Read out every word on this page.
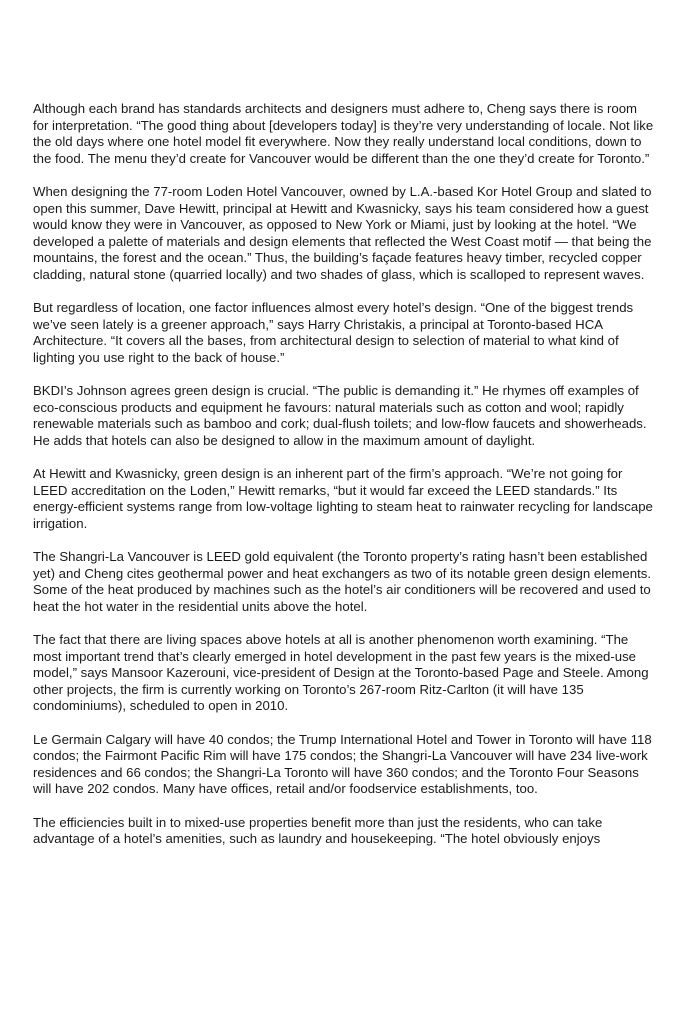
Although each brand has standards architects and designers must adhere to, Cheng says there is room for interpretation. “The good thing about [developers today] is they’re very understanding of locale. Not like the old days where one hotel model fit everywhere. Now they really understand local conditions, down to the food. The menu they’d create for Vancouver would be different than the one they’d create for Toronto.”

When designing the 77-room Loden Hotel Vancouver, owned by L.A.-based Kor Hotel Group and slated to open this summer, Dave Hewitt, principal at Hewitt and Kwasnicky, says his team considered how a guest would know they were in Vancouver, as opposed to New York or Miami, just by looking at the hotel. “We developed a palette of materials and design elements that reflected the West Coast motif — that being the mountains, the forest and the ocean.” Thus, the building’s façade features heavy timber, recycled copper cladding, natural stone (quarried locally) and two shades of glass, which is scalloped to represent waves.

But regardless of location, one factor influences almost every hotel’s design. “One of the biggest trends we’ve seen lately is a greener approach,” says Harry Christakis, a principal at Toronto-based HCA Architecture. “It covers all the bases, from architectural design to selection of material to what kind of lighting you use right to the back of house.”

BKDI’s Johnson agrees green design is crucial. “The public is demanding it.” He rhymes off examples of eco-conscious products and equipment he favours: natural materials such as cotton and wool; rapidly renewable materials such as bamboo and cork; dual-flush toilets; and low-flow faucets and showerheads. He adds that hotels can also be designed to allow in the maximum amount of daylight.

At Hewitt and Kwasnicky, green design is an inherent part of the firm’s approach. “We’re not going for LEED accreditation on the Loden,” Hewitt remarks, “but it would far exceed the LEED standards.” Its energy-efficient systems range from low-voltage lighting to steam heat to rainwater recycling for landscape irrigation.

The Shangri-La Vancouver is LEED gold equivalent (the Toronto property’s rating hasn’t been established yet) and Cheng cites geothermal power and heat exchangers as two of its notable green design elements. Some of the heat produced by machines such as the hotel’s air conditioners will be recovered and used to heat the hot water in the residential units above the hotel.

The fact that there are living spaces above hotels at all is another phenomenon worth examining. “The most important trend that’s clearly emerged in hotel development in the past few years is the mixed-use model,” says Mansoor Kazerouni, vice-president of Design at the Toronto-based Page and Steele. Among other projects, the firm is currently working on Toronto’s 267-room Ritz-Carlton (it will have 135 condominiums), scheduled to open in 2010.

Le Germain Calgary will have 40 condos; the Trump International Hotel and Tower in Toronto will have 118 condos; the Fairmont Pacific Rim will have 175 condos; the Shangri-La Vancouver will have 234 live-work residences and 66 condos; the Shangri-La Toronto will have 360 condos; and the Toronto Four Seasons will have 202 condos. Many have offices, retail and/or foodservice establishments, too.

The efficiencies built in to mixed-use properties benefit more than just the residents, who can take advantage of a hotel’s amenities, such as laundry and housekeeping. “The hotel obviously enjoys
